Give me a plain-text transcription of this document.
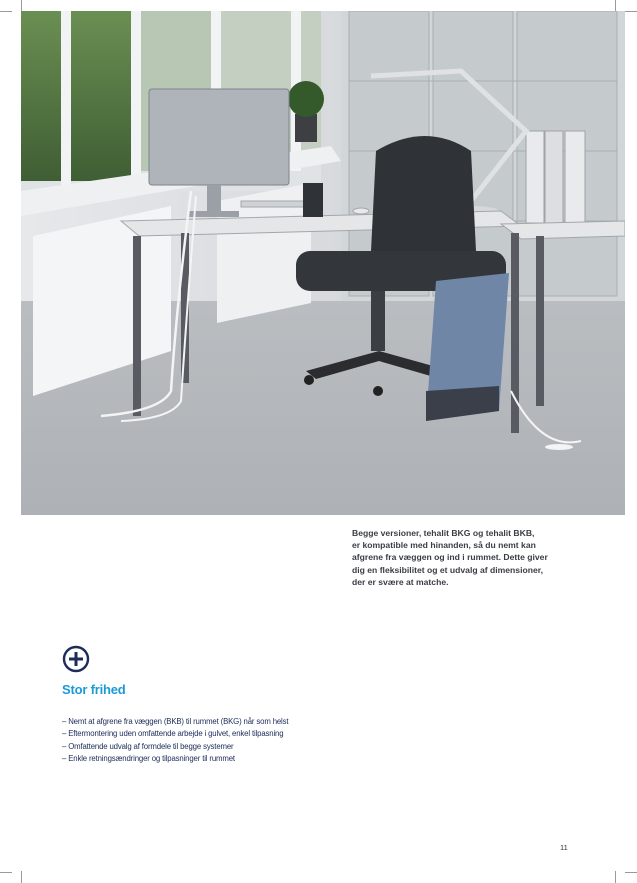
Begge versioner, tehalit BKG og tehalit BKB,
er kompatible med hinanden, så du nemt kan
afgrene fra væggen og ind i rummet. Dette giver
dig en fleksibilitet og et udvalg af dimensioner,
der er svære at matche.

Stor frihed
– Nemt at afgrene fra væggen (BKB) til rummet (BKG) når som helst
– Eftermontering uden omfattende arbejde i gulvet, enkel tilpasning
– Omfattende udvalg af formdele til begge systemer
– Enkle retningsændringer og tilpasninger til rummet
11
